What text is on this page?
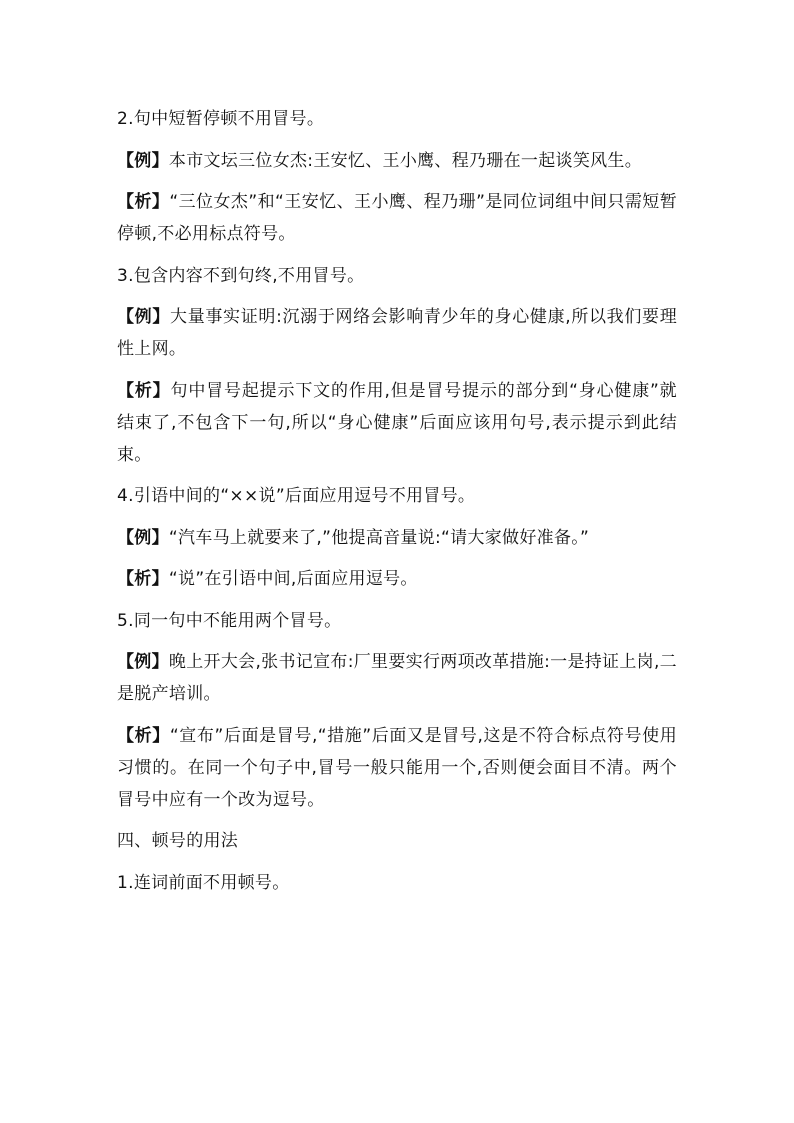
2.句中短暂停顿不用冒号。

【例】本市文坛三位女杰:王安忆、王小鹰、程乃珊在一起谈笑风生。

【析】“三位女杰”和“王安忆、王小鹰、程乃珊”是同位词组中间只需短暂停顿,不必用标点符号。

3.包含内容不到句终,不用冒号。

【例】大量事实证明:沉溺于网络会影响青少年的身心健康,所以我们要理性上网。

【析】句中冒号起提示下文的作用,但是冒号提示的部分到“身心健康”就结束了,不包含下一句,所以“身心健康”后面应该用句号,表示提示到此结束。

4.引语中间的“××说”后面应用逗号不用冒号。

【例】“汽车马上就要来了,”他提高音量说:“请大家做好准备。”

【析】“说”在引语中间,后面应用逗号。

5.同一句中不能用两个冒号。

【例】晚上开大会,张书记宣布:厂里要实行两项改革措施:一是持证上岗,二是脱产培训。

【析】“宣布”后面是冒号,“措施”后面又是冒号,这是不符合标点符号使用习惯的。在同一个句子中,冒号一般只能用一个,否则便会面目不清。两个冒号中应有一个改为逗号。

四、顿号的用法

1.连词前面不用顿号。
